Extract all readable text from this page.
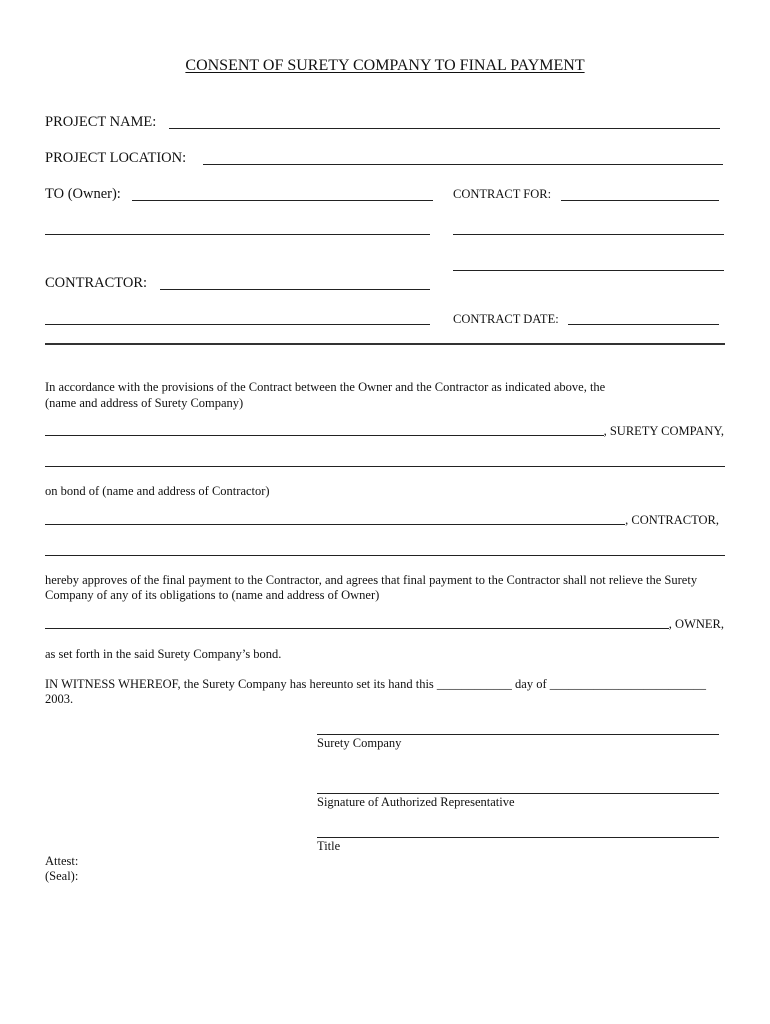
CONSENT OF SURETY COMPANY TO FINAL PAYMENT
PROJECT NAME:
PROJECT LOCATION:
TO (Owner):	CONTRACT FOR:
CONTRACTOR:
CONTRACT DATE:
In accordance with the provisions of the Contract between the Owner and the Contractor as indicated above, the
(name and address of Surety Company)
, SURETY COMPANY,
on bond of (name and address of Contractor)
, CONTRACTOR,
hereby approves of the final payment to the Contractor, and agrees that final payment to the Contractor shall not relieve the Surety
Company of any of its obligations to (name and address of Owner)
, OWNER,
as set forth in the said Surety Company’s bond.
IN WITNESS WHEREOF, the Surety Company has hereunto set its hand this ____________ day of _________________________
2003.
Surety Company
Signature of Authorized Representative
Title
Attest:
(Seal):
